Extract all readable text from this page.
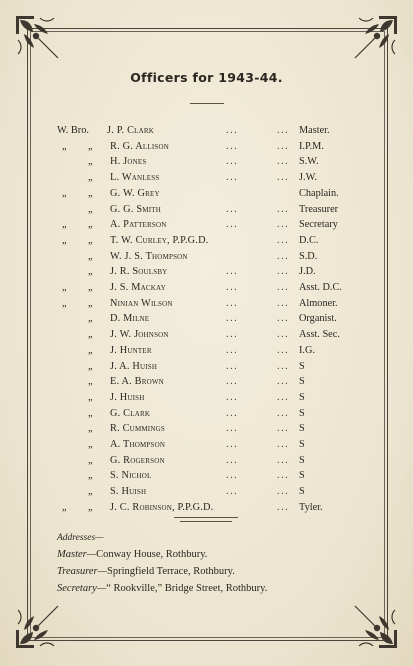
Officers for 1943-44.
W. Bro. J. P. Clark	...	... Master.
„ „ R. G. Allison	...	... I.P.M.
„ H. Jones	...	... S.W.
„ L. Wanless	...	... J.W.
„ „ G. W. Grey	Chaplain.
„ G. G. Smith	...	... Treasurer
„ „ A. Patterson	...	... Secretary
„ „ T. W. Curley, P.P.G.D.	... D.C.
„ W. J. S. Thompson	... S.D.
„ J. R. Soulsby	...	... J.D.
„ „ J. S. Mackay	...	... Asst. D.C.
„ „ Ninian Wilson	...	... Almoner.
„ D. Milne	...	... Organist.
„ J. W. Johnson	...	... Asst. Sec.
„ J. Hunter	...	... I.G.
„ J. A. Huish	...	... S
„ E. A. Brown	...	... S
„ J. Huish	...	... S
„ G. Clark	...	... S
„ R. Cummings	...	... S
„ A. Thompson	...	... S
„ G. Rogerson	...	... S
„ S. Nichol	...	... S
„ S. Huish	...	... S
„ „ J. C. Robinson, P.P.G.D.	... Tyler.
Addresses—
Master—Conway House, Rothbury.
Treasurer—Springfield Terrace, Rothbury.
Secretary—“ Rookville,” Bridge Street, Rothbury.
